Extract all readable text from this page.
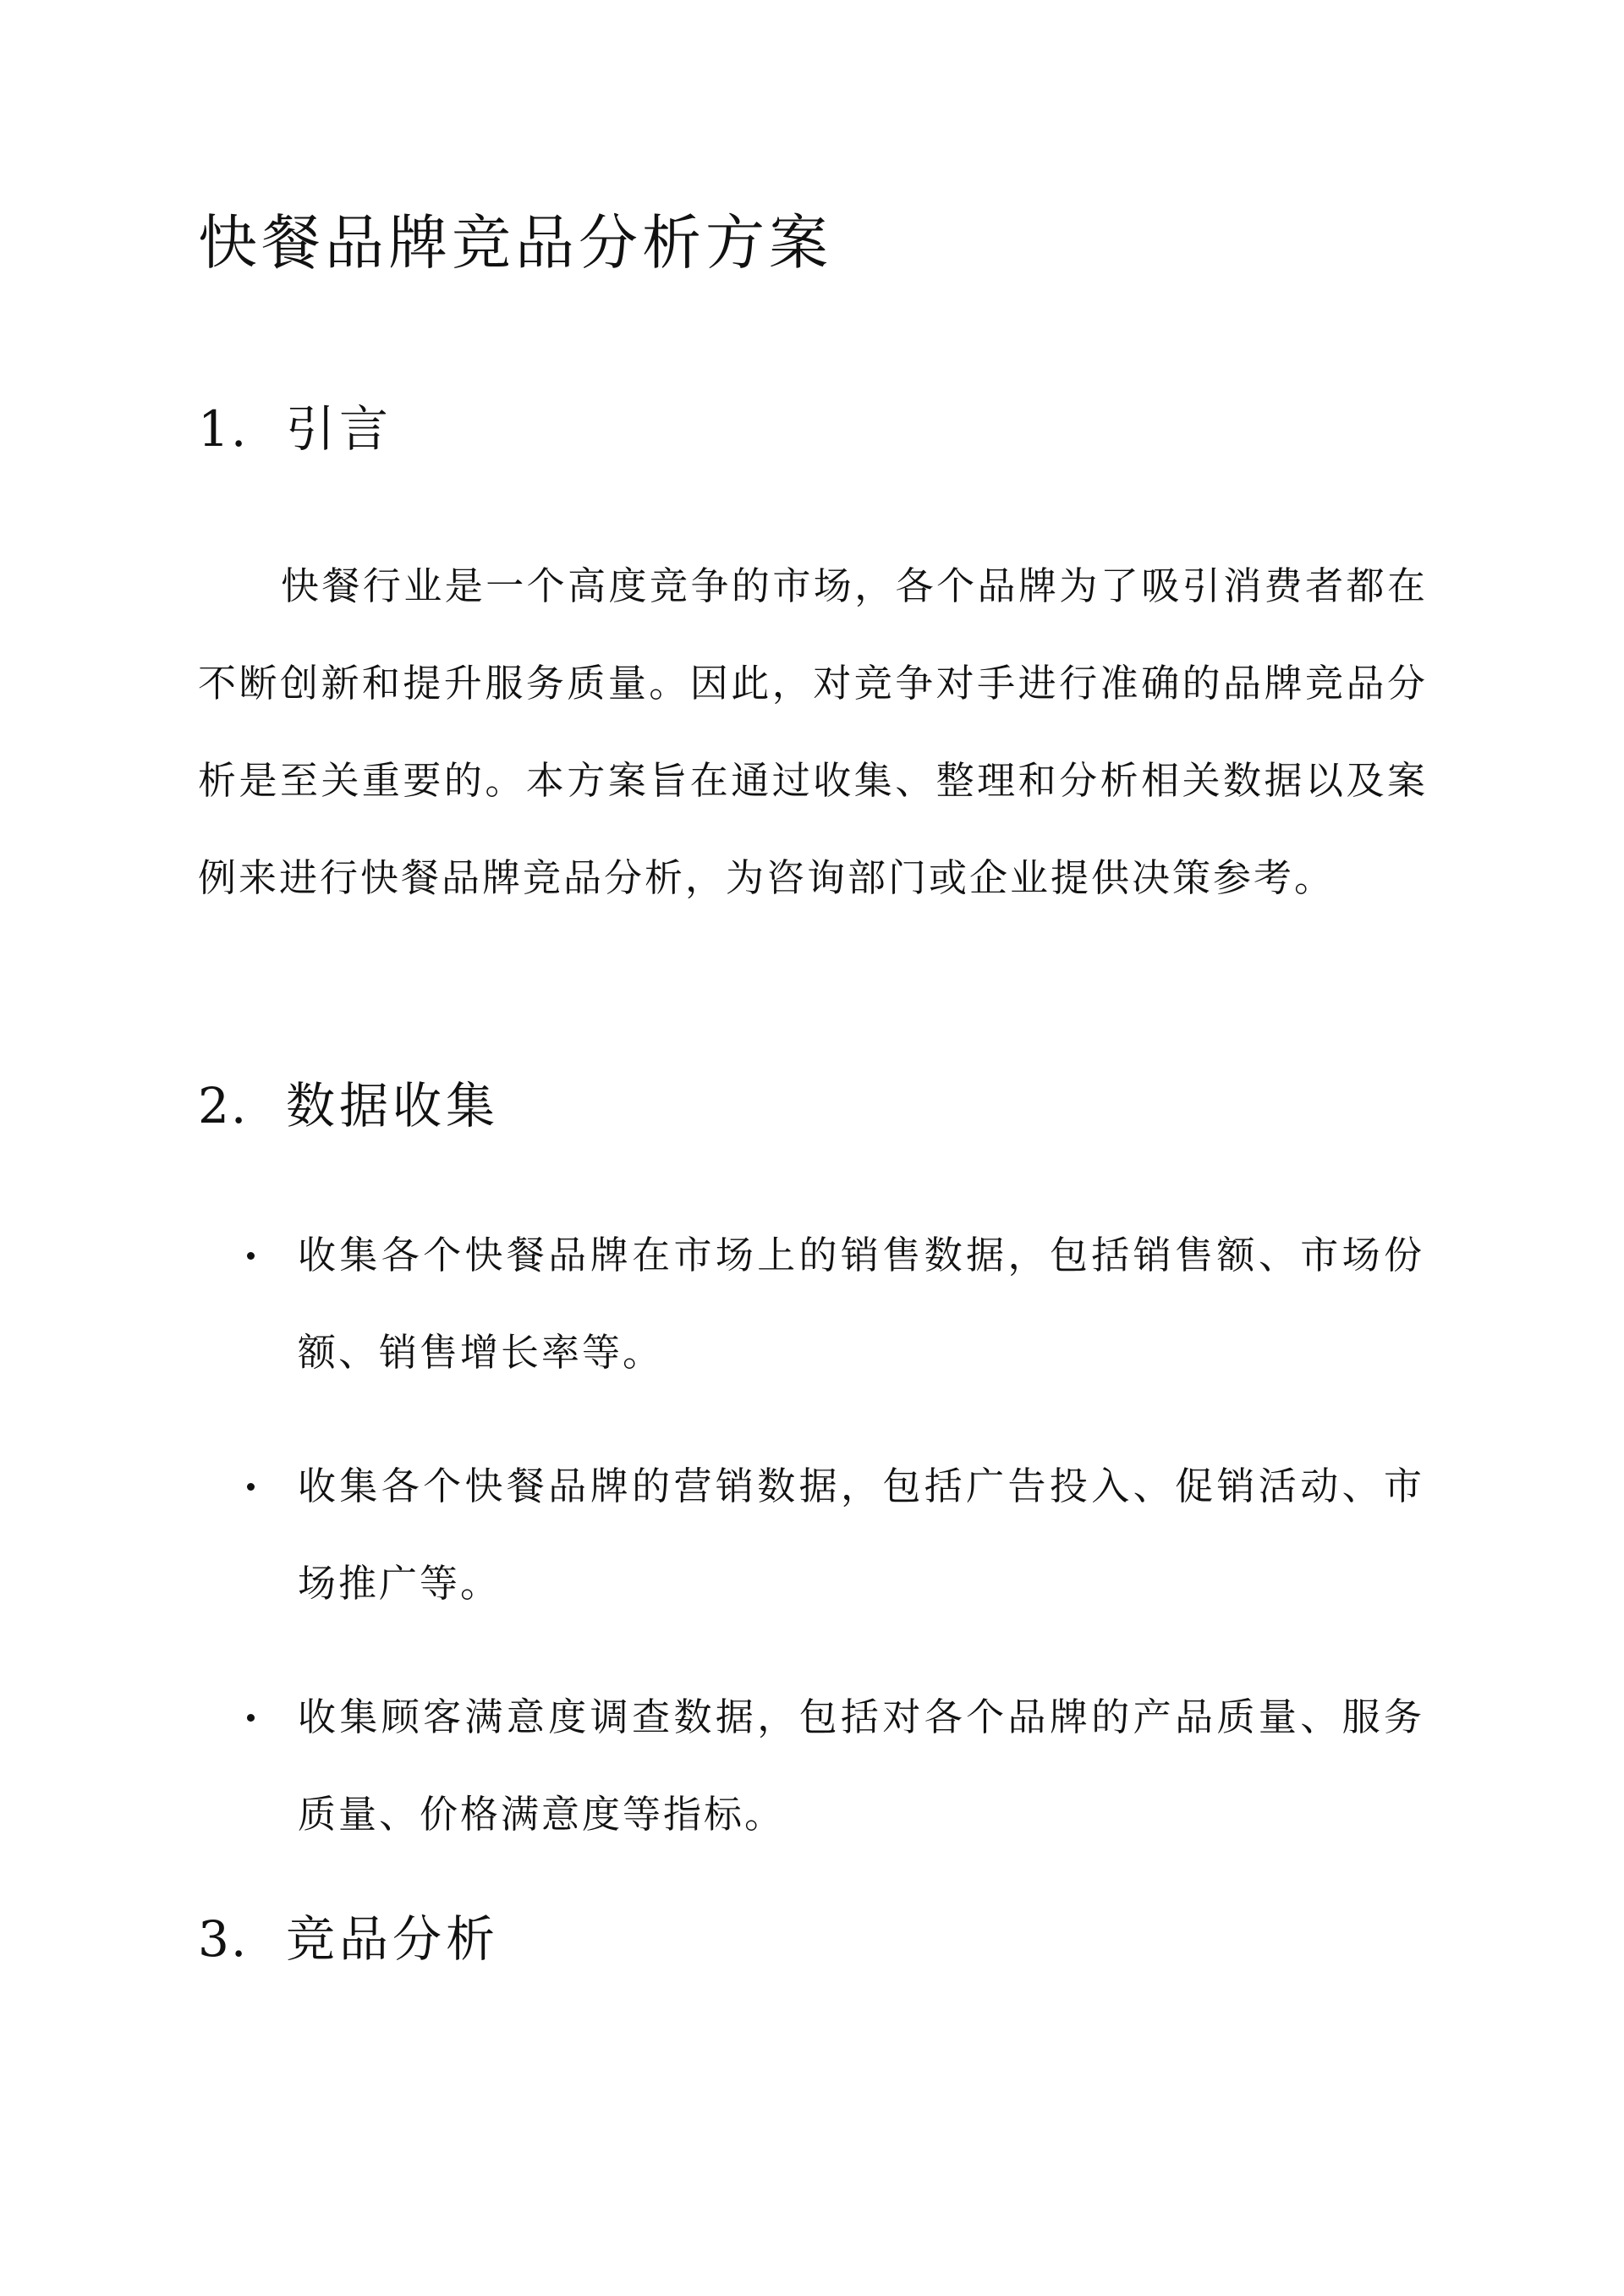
快餐品牌竞品分析方案
1. 引言

快餐行业是一个高度竞争的市场，各个品牌为了吸引消费者都在不断创新和提升服务质量。因此，对竞争对手进行准确的品牌竞品分析是至关重要的。本方案旨在通过收集、整理和分析相关数据以及案例来进行快餐品牌竞品分析，为咨询部门或企业提供决策参考。

2. 数据收集
收集各个快餐品牌在市场上的销售数据，包括销售额、市场份额、销售增长率等。
收集各个快餐品牌的营销数据，包括广告投入、促销活动、市场推广等。
收集顾客满意度调查数据，包括对各个品牌的产品质量、服务质量、价格满意度等指标。
3. 竞品分析
